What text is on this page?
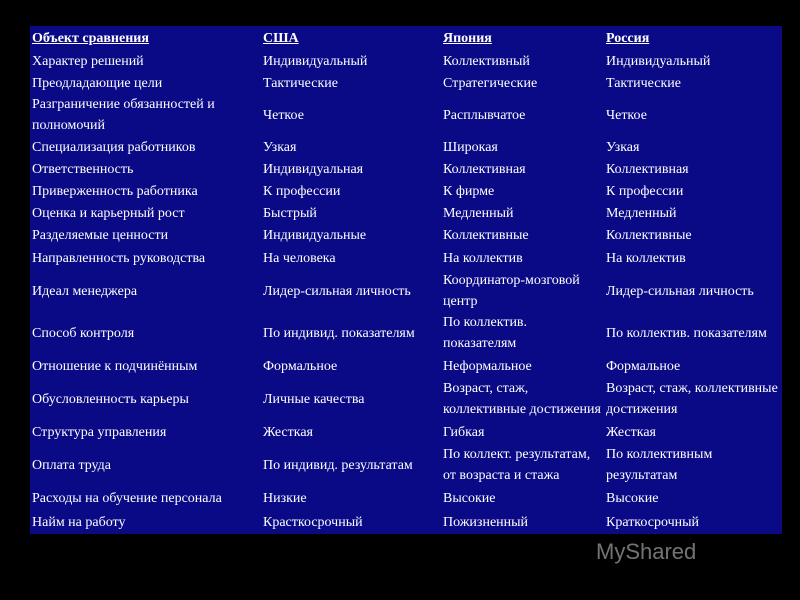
Объект сравнения	США	Япония	Россия
Характер решений	Индивидуальный	Коллективный	Индивидуальный
Преодладающие цели	Тактические	Стратегические	Тактические
Разграничение обязанностей и полномочий	Четкое	Расплывчатое	Четкое
Специализация работников	Узкая	Широкая	Узкая
Ответственность	Индивидуальная	Коллективная	Коллективная
Приверженность работника	К профессии	К фирме	К профессии
Оценка и карьерный рост	Быстрый	Медленный	Медленный
Разделяемые ценности	Индивидуальные	Коллективные	Коллективные
Направленность руководства	На человека	На коллектив	На коллектив
Идеал менеджера	Лидер-сильная личность	Координатор-мозговой центр	Лидер-сильная личность
Способ контроля	По индивид. показателям	По коллектив. показателям	По коллектив. показателям
Отношение к подчинённым	Формальное	Неформальное	Формальное
Обусловленность карьеры	Личные качества	Возраст, стаж, коллективные достижения	Возраст, стаж, коллективные достижения
Структура управления	Жесткая	Гибкая	Жесткая
Оплата труда	По индивид. результатам	По коллект. результатам, от возраста и стажа	По коллективным результатам
Расходы на обучение персонала	Низкие	Высокие	Высокие
Найм на работу	Красткосрочный	Пожизненный	Краткосрочный
MyShared
